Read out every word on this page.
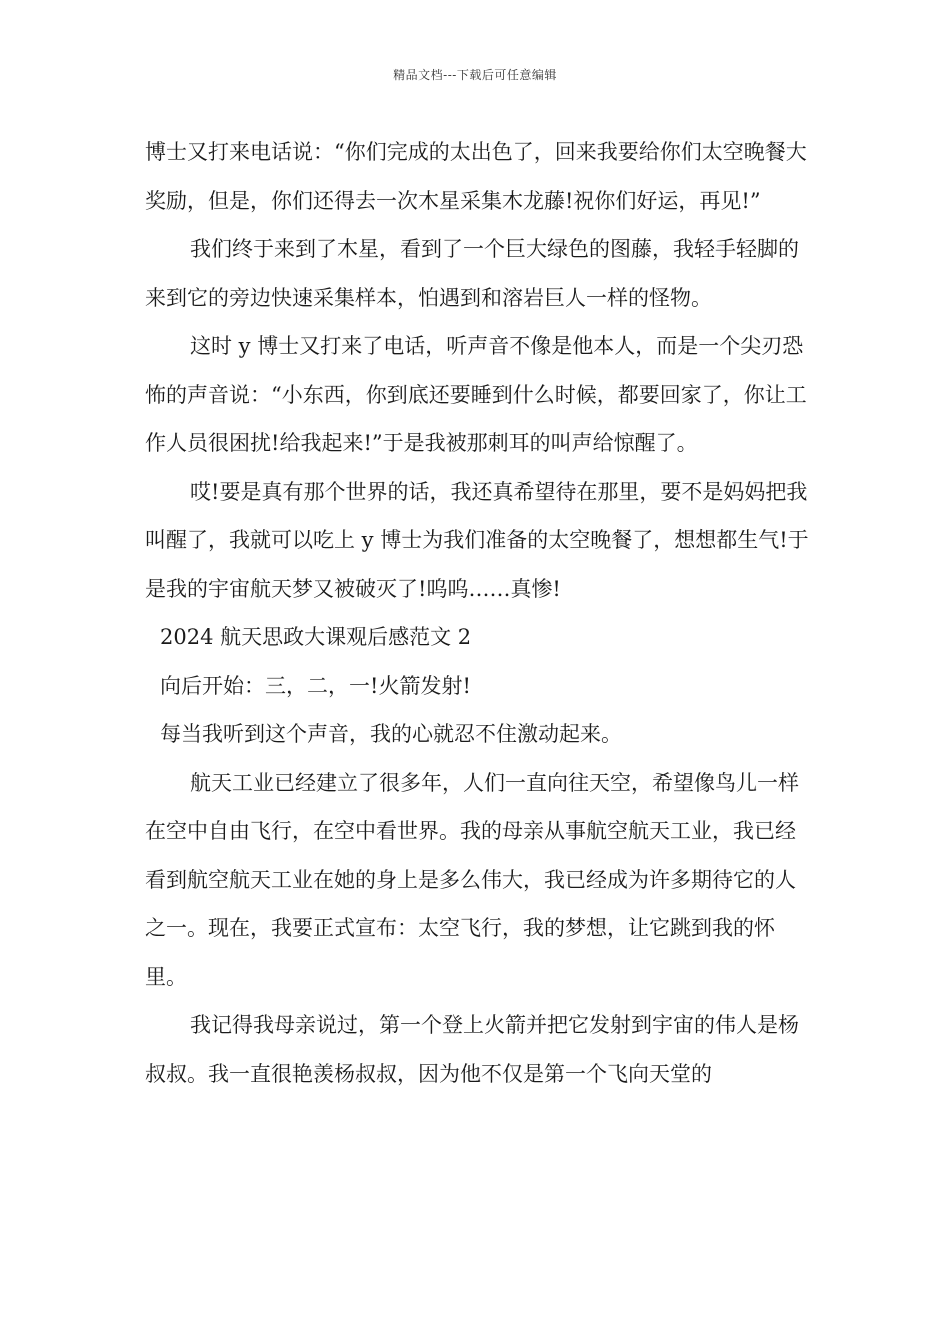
精品文档---下载后可任意编辑

博士又打来电话说：“你们完成的太出色了，回来我要给你们太空晚餐大奖励，但是，你们还得去一次木星采集木龙藤!祝你们好运，再见!”

我们终于来到了木星，看到了一个巨大绿色的图藤，我轻手轻脚的来到它的旁边快速采集样本，怕遇到和溶岩巨人一样的怪物。

这时 y 博士又打来了电话，听声音不像是他本人，而是一个尖刃恐怖的声音说：“小东西，你到底还要睡到什么时候，都要回家了，你让工作人员很困扰!给我起来!”于是我被那刺耳的叫声给惊醒了。

哎!要是真有那个世界的话，我还真希望待在那里，要不是妈妈把我叫醒了，我就可以吃上 y 博士为我们准备的太空晚餐了，想想都生气!于是我的宇宙航天梦又被破灭了!呜呜……真惨!

2024 航天思政大课观后感范文 2

向后开始：三，二，一!火箭发射!

每当我听到这个声音，我的心就忍不住激动起来。

航天工业已经建立了很多年，人们一直向往天空，希望像鸟儿一样在空中自由飞行，在空中看世界。我的母亲从事航空航天工业，我已经看到航空航天工业在她的身上是多么伟大，我已经成为许多期待它的人之一。现在，我要正式宣布：太空飞行，我的梦想，让它跳到我的怀里。

我记得我母亲说过，第一个登上火箭并把它发射到宇宙的伟人是杨叔叔。我一直很艳羡杨叔叔，因为他不仅是第一个飞向天堂的
